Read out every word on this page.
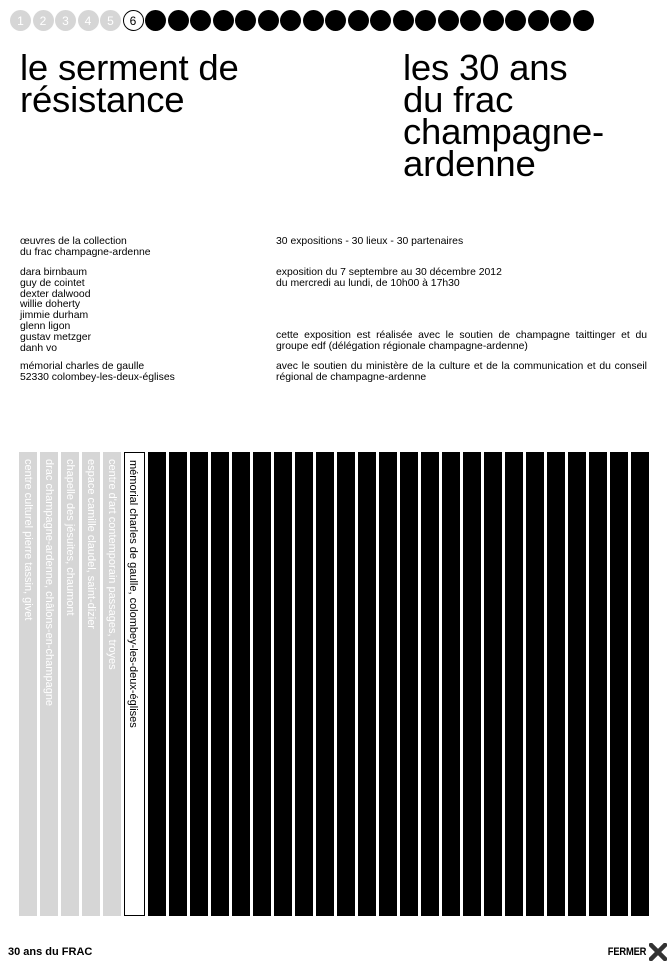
1	2	3	4	5	6
le serment de
résistance
les 30 ans
du frac
champagne-
ardenne
œuvres de la collection
du frac champagne-ardenne
dara birnbaum
guy de cointet
dexter dalwood
willie doherty
jimmie durham
glenn ligon
gustav metzger
danh vo
mémorial charles de gaulle
52330 colombey-les-deux-églises
30 expositions - 30 lieux - 30 partenaires
exposition du 7 septembre au 30 décembre 2012
du mercredi au lundi, de 10h00 à 17h30
cette exposition est réalisée avec le soutien de champagne taittinger et du groupe edf (délégation régionale champagne-ardenne)
avec le soutien du ministère de la culture et de la communication et du conseil régional de champagne-ardenne
centre culturel pierre tassin, givet drac champagne-ardenne, châlons-en-champagne chapelle des jésuites, chaumont espace camille claudel, saint-dizier centre d'art contemporain passages, troyes mémorial charles de gaulle, colombey-les-deux-églises
30 ans du FRAC	FERMER
